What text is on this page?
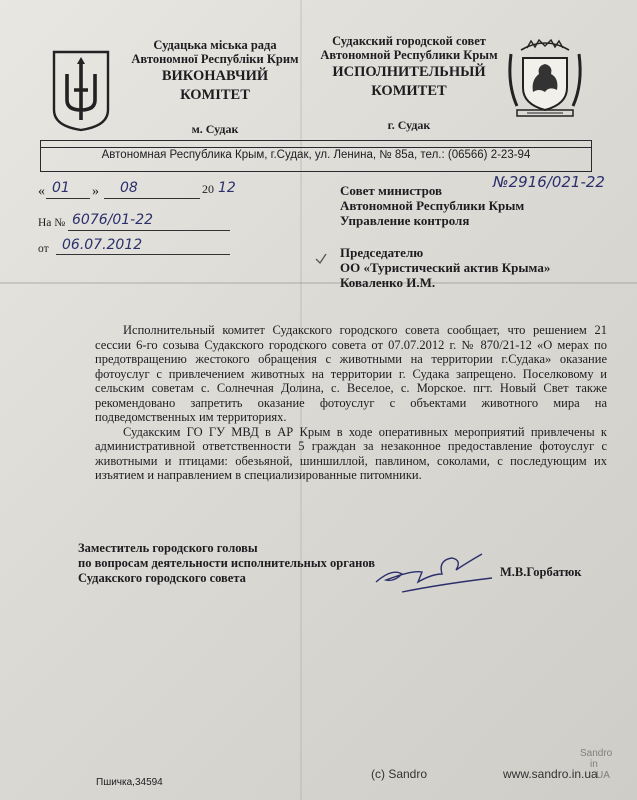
Судацька міська рада
Автономної Республіки Крим
ВИКОНАВЧИЙ
КОМІТЕТ
м. Судак
Судакский городской совет
Автономной Республики Крым
ИСПОЛНИТЕЛЬНЫЙ
КОМИТЕТ
г. Судак
Автономная Республика Крым, г.Судак, ул. Ленина, № 85а, тел.: (06566) 2-23-94
« 01 » 08	20 12	№2916/021-22
На № 6076/01-22
от 06.07.2012
Совет министров
Автономной Республики Крым
Управление контроля
Председателю
ОО «Туристический актив Крыма»
Коваленко И.М.

Исполнительный комитет Судакского городского совета сообщает, что решением 21 сессии 6-го созыва Судакского городского совета от 07.07.2012 г. № 870/21-12 «О мерах по предотвращению жестокого обращения с животными на территории г.Судака» оказание фотоуслуг с привлечением животных на территории г. Судака запрещено. Поселковому и сельским советам с. Солнечная Долина, с. Веселое, с. Морское. пгт. Новый Свет также рекомендовано запретить оказание фотоуслуг с объектами животного мира на подведомственных им территориях.

Судакским ГО ГУ МВД в АР Крым в ходе оперативных мероприятий привлечены к административной ответственности 5 граждан за незаконное предоставление фотоуслуг с животными и птицами: обезьяной, шиншиллой, павлином, соколами, с последующим их изъятием и направлением в специализированные питомники.

Заместитель городского головы
по вопросам деятельности исполнительных органов
Судакского городского совета	М.В.Горбатюк
Пшичка,34594
(c) Sandro	www.sandro.in.ua
Sandro
in
UA
